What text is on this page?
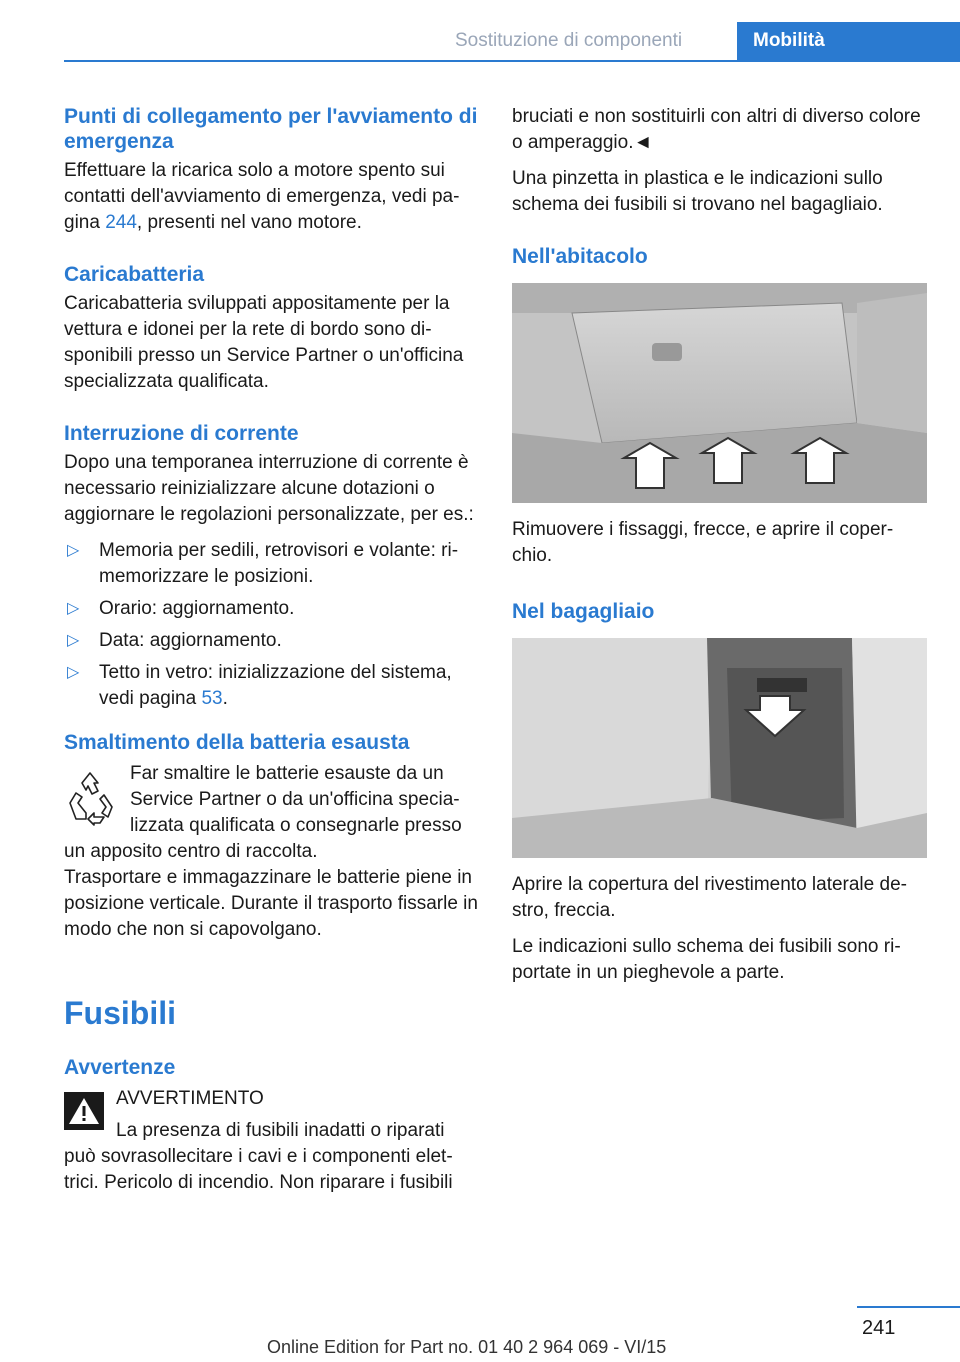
Sostituzione di componenti	Mobilità
Punti di collegamento per l'avviamento di emergenza

Effettuare la ricarica solo a motore spento sui contatti dell'avviamento di emergenza, vedi pagina 244, presenti nel vano motore.

Caricabatteria

Caricabatteria sviluppati appositamente per la vettura e idonei per la rete di bordo sono disponibili presso un Service Partner o un'officina specializzata qualificata.

Interruzione di corrente

Dopo una temporanea interruzione di corrente è necessario reinizializzare alcune dotazioni o aggiornare le regolazioni personalizzate, per es.:

▷ Memoria per sedili, retrovisori e volante: rimemorizzare le posizioni.
▷ Orario: aggiornamento.
▷ Data: aggiornamento.
▷ Tetto in vetro: inizializzazione del sistema, vedi pagina 53.
Smaltimento della batteria esausta

Far smaltire le batterie esauste da un Service Partner o da un'officina specializzata qualificata o consegnarle presso un apposito centro di raccolta.

Trasportare e immagazzinare le batterie piene in posizione verticale. Durante il trasporto fissarle in modo che non si capovolgano.

Fusibili
Avvertenze

AVVERTIMENTO

La presenza di fusibili inadatti o riparati può sovrasollecitare i cavi e i componenti elettrici. Pericolo di incendio. Non riparare i fusibili

bruciati e non sostituirli con altri di diverso colore o amperaggio.◄

Una pinzetta in plastica e le indicazioni sullo schema dei fusibili si trovano nel bagagliaio.

Nell'abitacolo

Rimuovere i fissaggi, frecce, e aprire il coperchio.

Nel bagagliaio

Aprire la copertura del rivestimento laterale destro, freccia.

Le indicazioni sullo schema dei fusibili sono riportate in un pieghevole a parte.

241
Online Edition for Part no. 01 40 2 964 069 - VI/15
